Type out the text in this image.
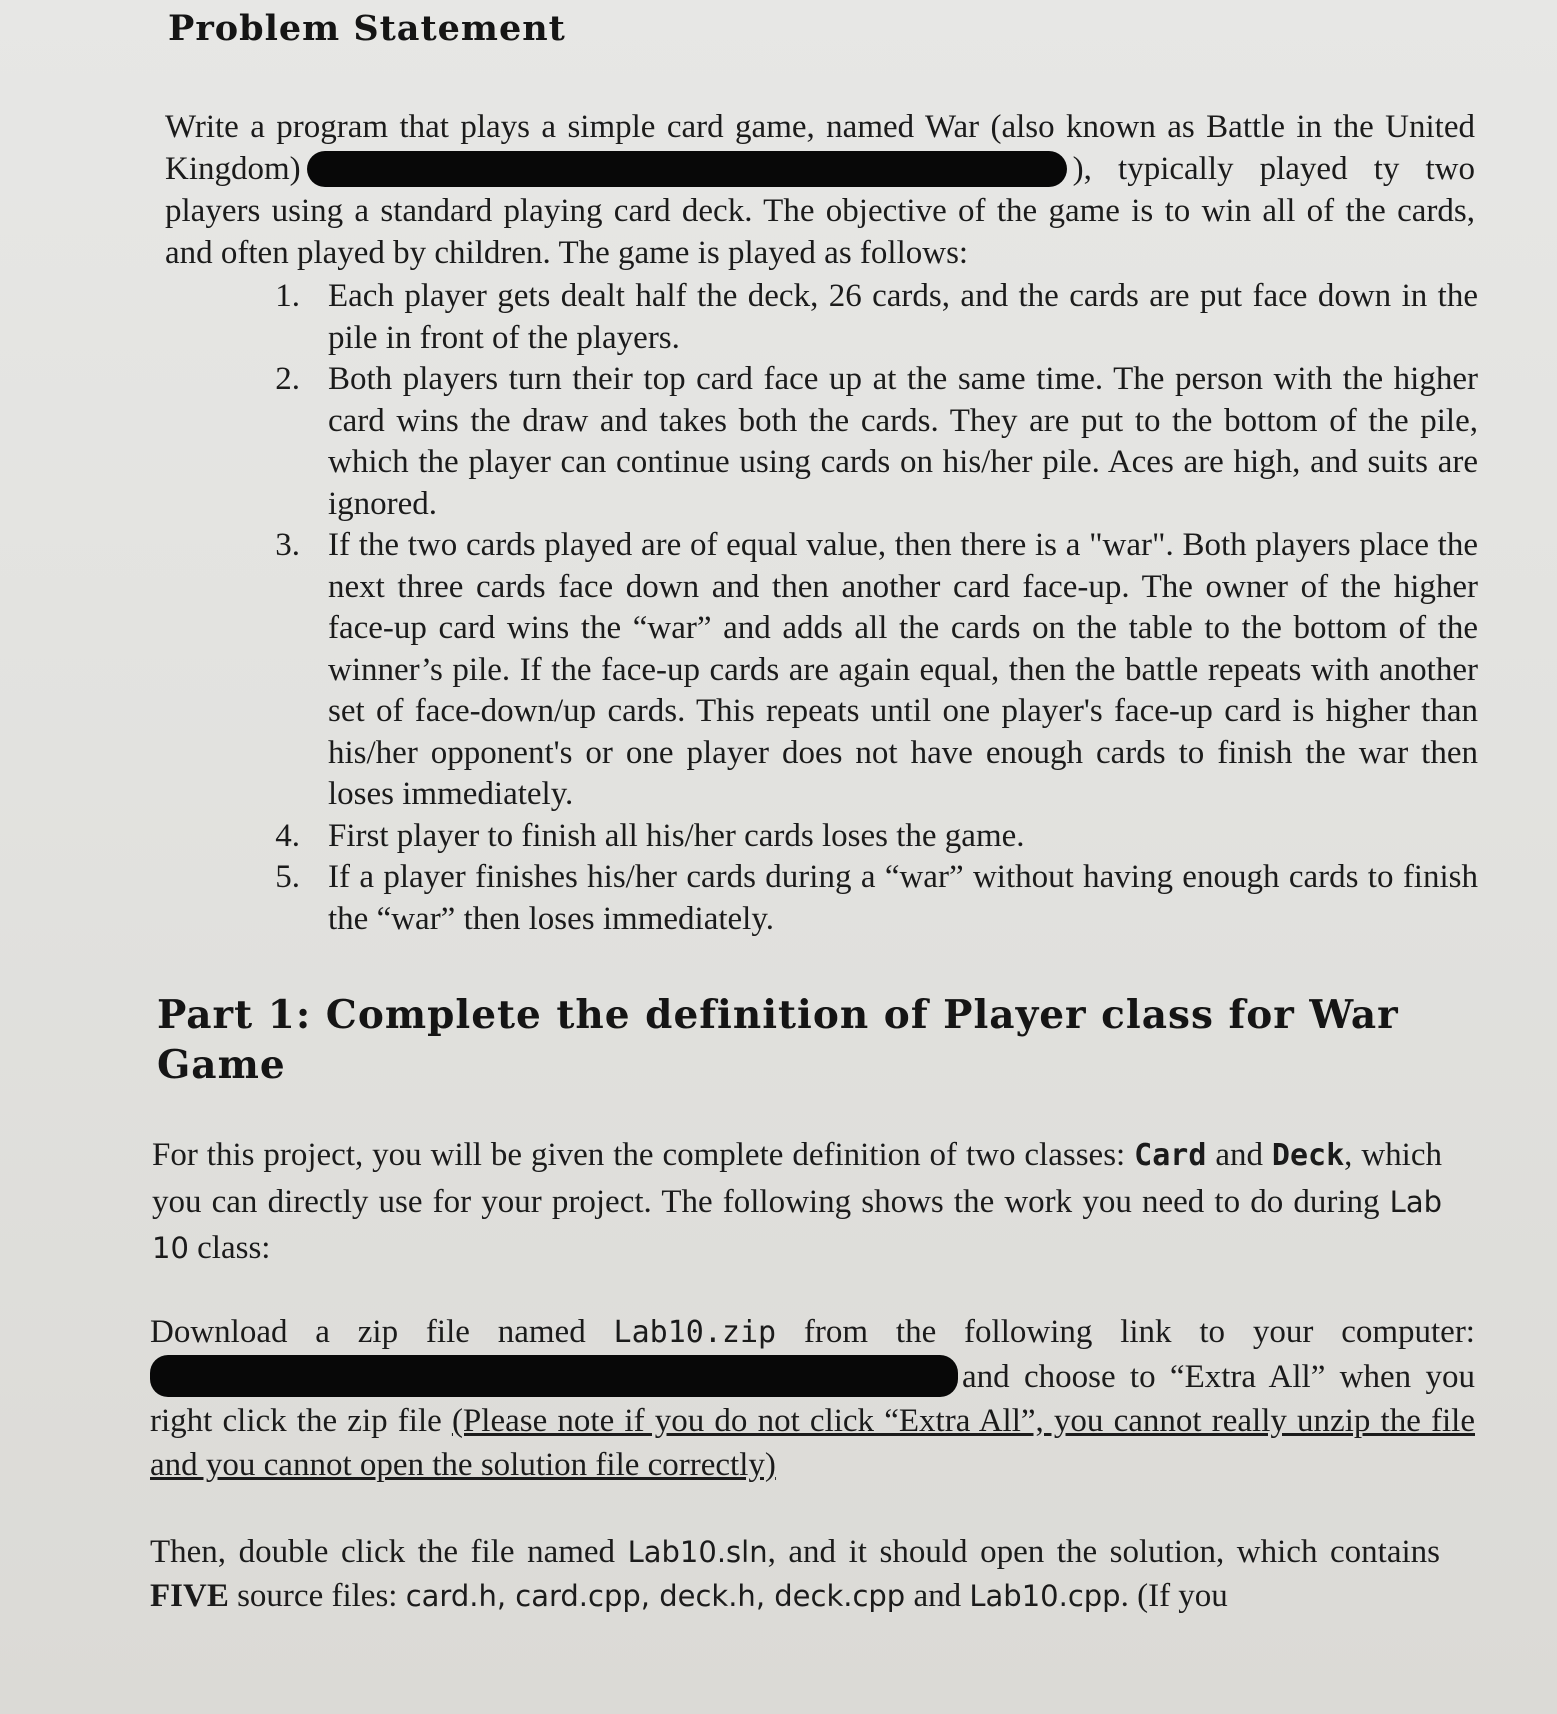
Problem Statement

Write a program that plays a simple card game, named War (also known as Battle in the United Kingdom)	), typically played ty two players using a standard playing card deck. The objective of the game is to win all of the cards, and often played by children. The game is played as follows:

1. Each player gets dealt half the deck, 26 cards, and the cards are put face down in the pile in front of the players.
2. Both players turn their top card face up at the same time. The person with the higher card wins the draw and takes both the cards. They are put to the bottom of the pile, which the player can continue using cards on his/her pile. Aces are high, and suits are ignored.
3. If the two cards played are of equal value, then there is a "war". Both players place the next three cards face down and then another card face-up. The owner of the higher face-up card wins the “war” and adds all the cards on the table to the bottom of the winner’s pile. If the face-up cards are again equal, then the battle repeats with another set of face-down/up cards. This repeats until one player's face-up card is higher than his/her opponent's or one player does not have enough cards to finish the war then loses immediately.
4. First player to finish all his/her cards loses the game.
5. If a player finishes his/her cards during a “war” without having enough cards to finish the “war” then loses immediately.
Part 1: Complete the definition of Player class for War Game

For this project, you will be given the complete definition of two classes: Card and Deck, which you can directly use for your project. The following shows the work you need to do during Lab 10 class:

Download a zip file named Lab10.zip from the following link to your computer: and choose to “Extra All” when you right click the zip file (Please note if you do not click “Extra All”, you cannot really unzip the file and you cannot open the solution file correctly)

Then, double click the file named Lab10.sln, and it should open the solution, which contains FIVE source files: card.h, card.cpp, deck.h, deck.cpp and Lab10.cpp. (If you
